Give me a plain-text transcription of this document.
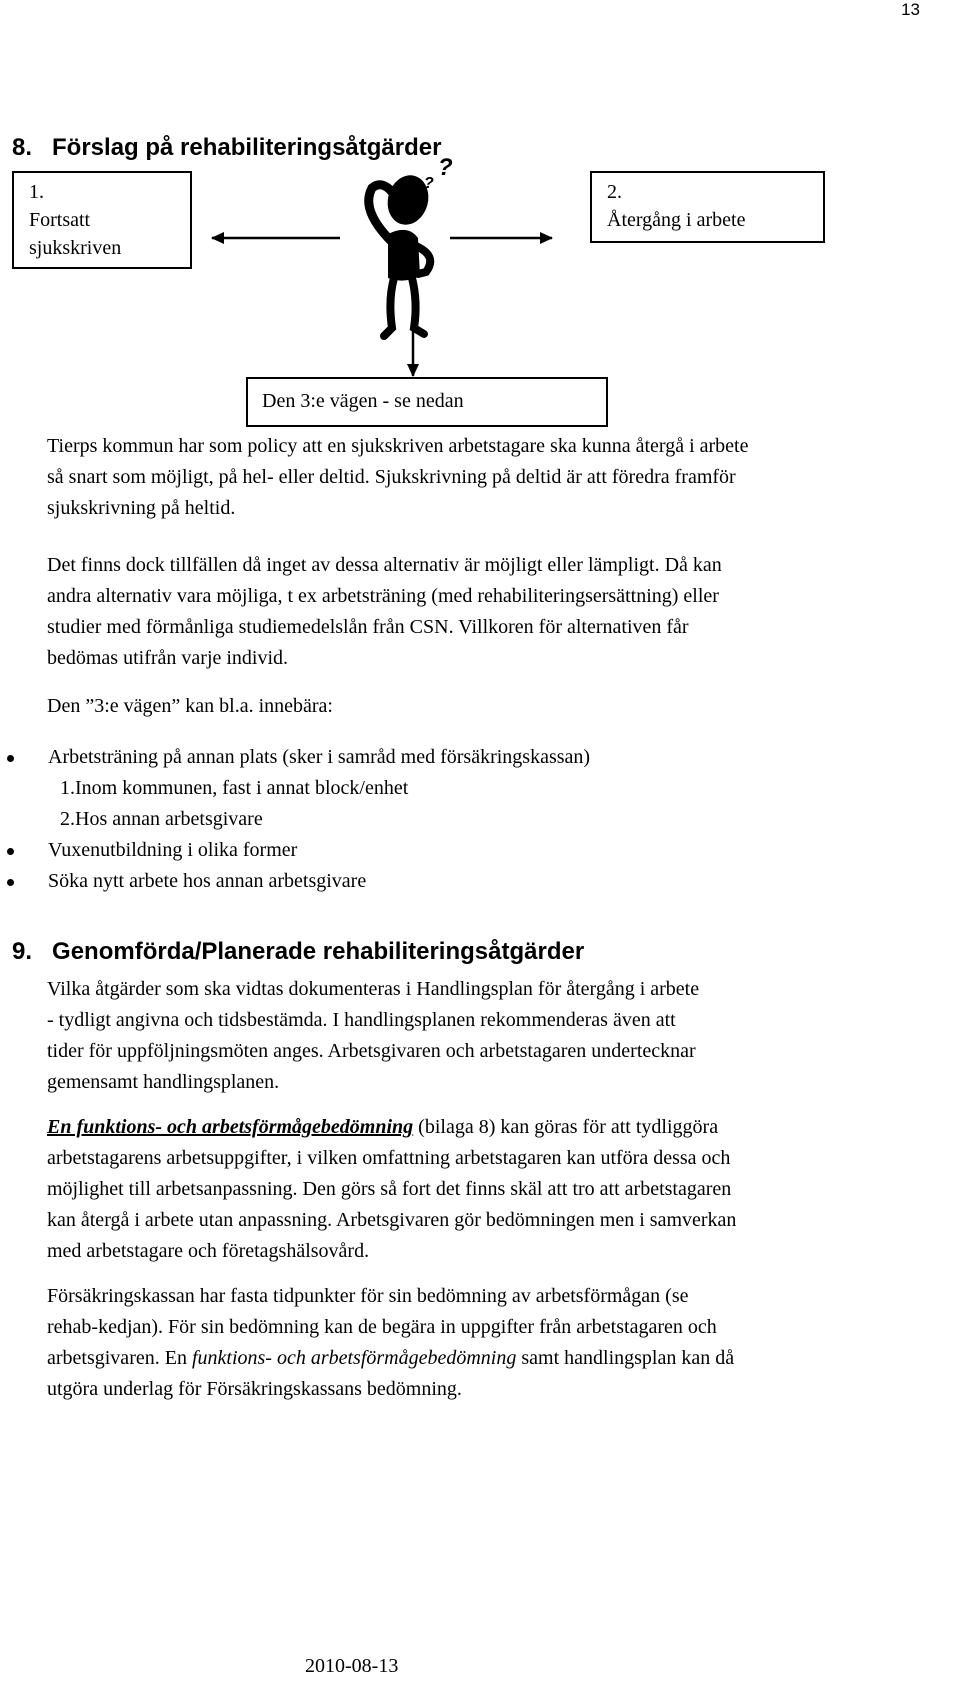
13
8.   Förslag på rehabiliteringsåtgärder
1.
Fortsatt
sjukskriven
2.
Återgång i arbete
Den 3:e vägen - se nedan
?
?
Tierps kommun har som policy att en sjukskriven arbetstagare ska kunna återgå i arbete
så snart som möjligt, på hel- eller deltid. Sjukskrivning på deltid är att föredra framför
sjukskrivning på heltid.
Det finns dock tillfällen då inget av dessa alternativ är möjligt eller lämpligt. Då kan
andra alternativ vara möjliga, t ex arbetsträning (med rehabiliteringsersättning) eller
studier med förmånliga studiemedelslån från CSN. Villkoren för alternativen får
bedömas utifrån varje individ.
Den ”3:e vägen” kan bl.a. innebära:
Arbetsträning på annan plats (sker i samråd med försäkringskassan)
1.Inom kommunen, fast i annat block/enhet
2.Hos annan arbetsgivare
Vuxenutbildning i olika former
Söka nytt arbete hos annan arbetsgivare
9.   Genomförda/Planerade rehabiliteringsåtgärder
Vilka åtgärder som ska vidtas dokumenteras i Handlingsplan för återgång i arbete
- tydligt angivna och tidsbestämda. I handlingsplanen rekommenderas även att
tider för uppföljningsmöten anges. Arbetsgivaren och arbetstagaren undertecknar
gemensamt handlingsplanen.
En funktions- och arbetsförmågebedömning (bilaga 8) kan göras för att tydliggöra
arbetstagarens arbetsuppgifter, i vilken omfattning arbetstagaren kan utföra dessa och
möjlighet till arbetsanpassning. Den görs så fort det finns skäl att tro att arbetstagaren
kan återgå i arbete utan anpassning. Arbetsgivaren gör bedömningen men i samverkan
med arbetstagare och företagshälsovård.
Försäkringskassan har fasta tidpunkter för sin bedömning av arbetsförmågan (se
rehab-kedjan). För sin bedömning kan de begära in uppgifter från arbetstagaren och
arbetsgivaren. En funktions- och arbetsförmågebedömning samt handlingsplan kan då
utgöra underlag för Försäkringskassans bedömning.
2010-08-13
